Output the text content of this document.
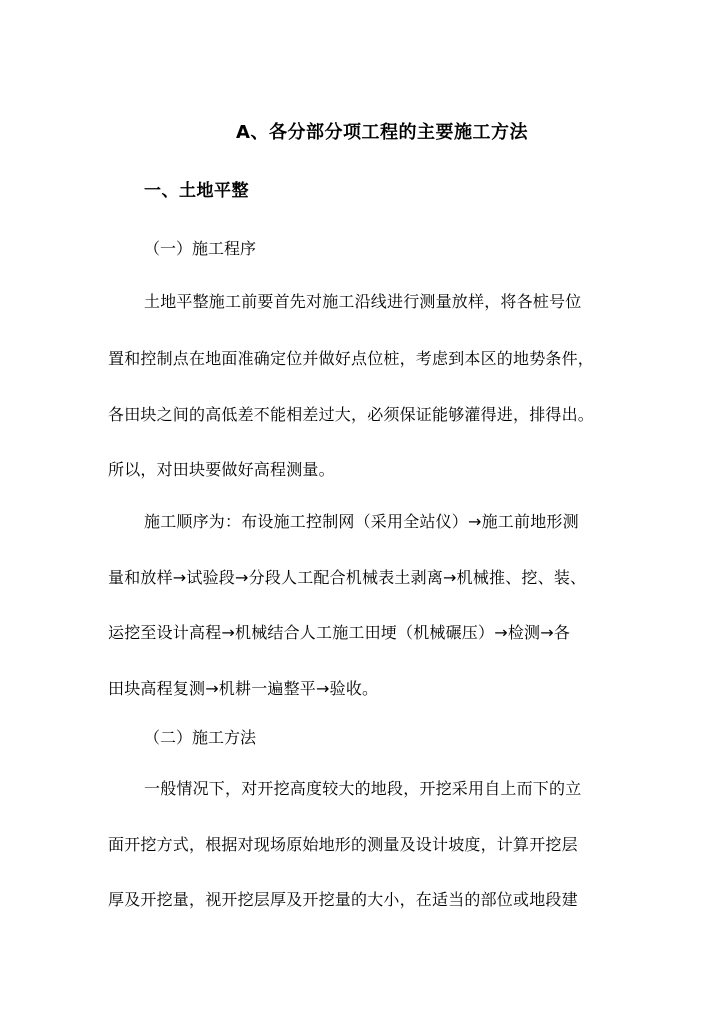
A、各分部分项工程的主要施工方法
一、土地平整
（一）施工程序
土地平整施工前要首先对施工沿线进行测量放样，将各桩号位
置和控制点在地面准确定位并做好点位桩，考虑到本区的地势条件，
各田块之间的高低差不能相差过大，必须保证能够灌得进，排得出。
所以，对田块要做好高程测量。
施工顺序为：布设施工控制网（采用全站仪）→施工前地形测
量和放样→试验段→分段人工配合机械表土剥离→机械推、挖、装、
运挖至设计高程→机械结合人工施工田埂（机械碾压）→检测→各
田块高程复测→机耕一遍整平→验收。
（二）施工方法
一般情况下，对开挖高度较大的地段，开挖采用自上而下的立
面开挖方式，根据对现场原始地形的测量及设计坡度，计算开挖层
厚及开挖量，视开挖层厚及开挖量的大小，在适当的部位或地段建
